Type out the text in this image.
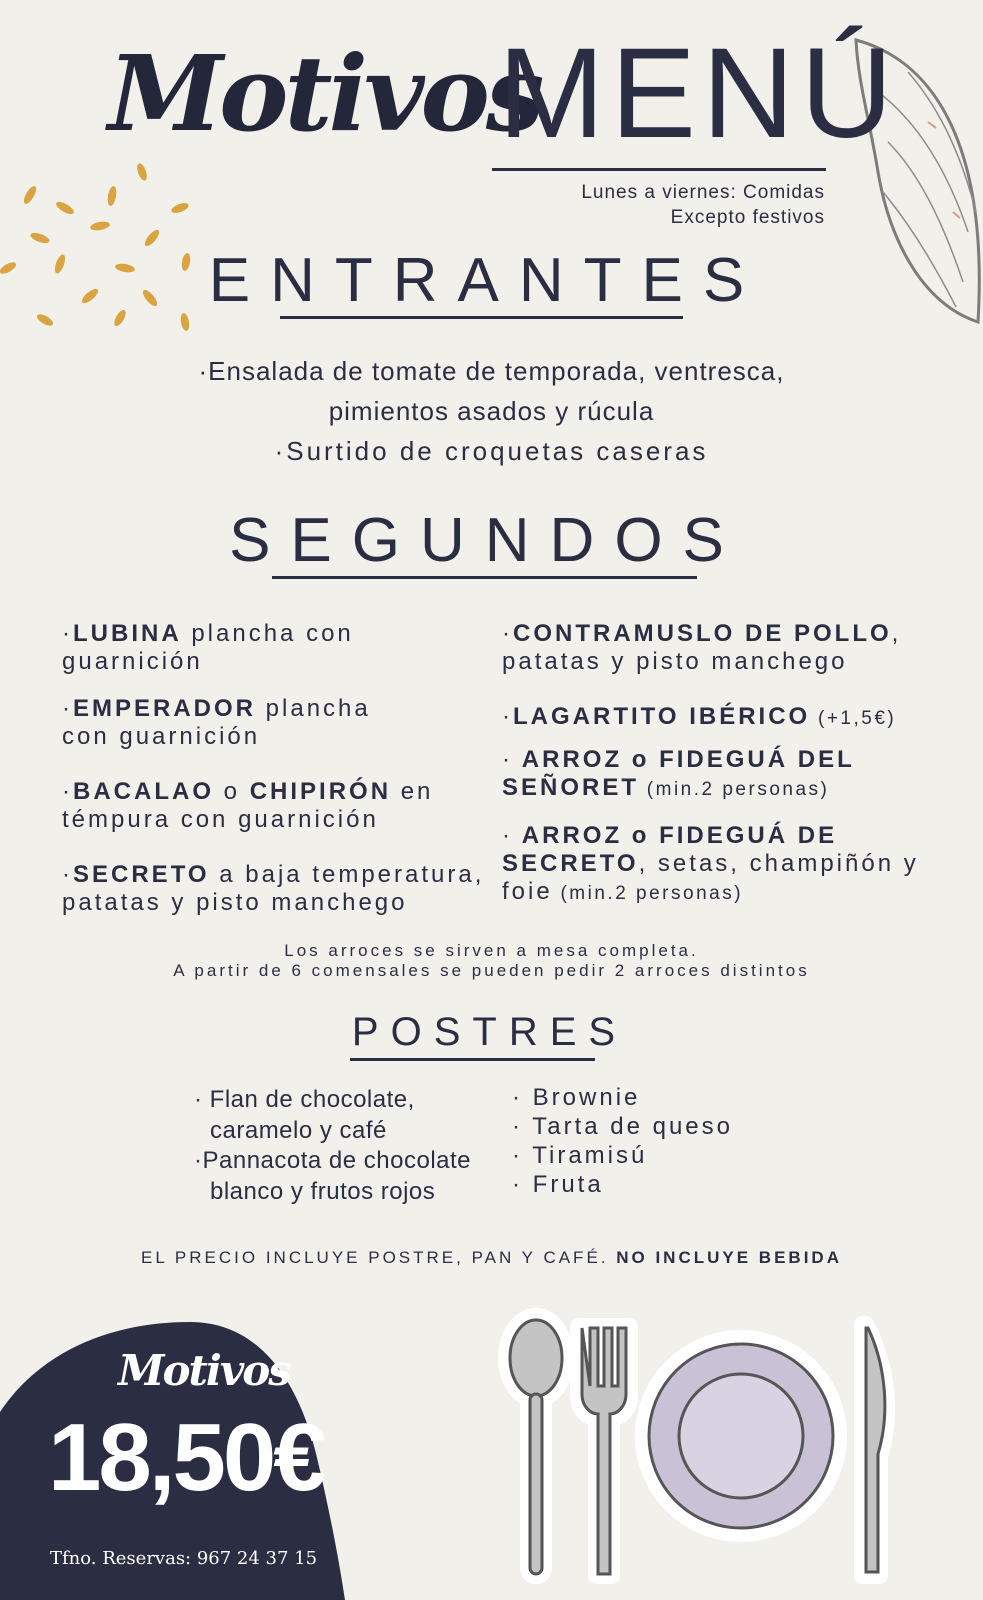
Motivos
MENÚ
Lunes a viernes: Comidas
Excepto festivos
ENTRANTES
·Ensalada de tomate de temporada, ventresca,
pimientos asados y rúcula
·Surtido de croquetas caseras
SEGUNDOS
·LUBINA plancha con
guarnición
·EMPERADOR plancha
con guarnición
·BACALAO o CHIPIRÓN en
témpura con guarnición
·SECRETO a baja temperatura,
patatas y pisto manchego
·CONTRAMUSLO DE POLLO,
patatas y pisto manchego
·LAGARTITO IBÉRICO (+1,5€)
· ARROZ o FIDEGUÁ DEL
SEÑORET (min.2 personas)
· ARROZ o FIDEGUÁ DE
SECRETO, setas, champiñón y
foie (min.2 personas)
Los arroces se sirven a mesa completa.
A partir de 6 comensales se pueden pedir 2 arroces distintos
POSTRES
· Flan de chocolate,
caramelo y café
·Pannacota de chocolate
blanco y frutos rojos
· Brownie
· Tarta de queso
· Tiramisú
· Fruta
EL PRECIO INCLUYE POSTRE, PAN Y CAFÉ. NO INCLUYE BEBIDA
Motivos
18,50€
Tfno. Reservas: 967 24 37 15
